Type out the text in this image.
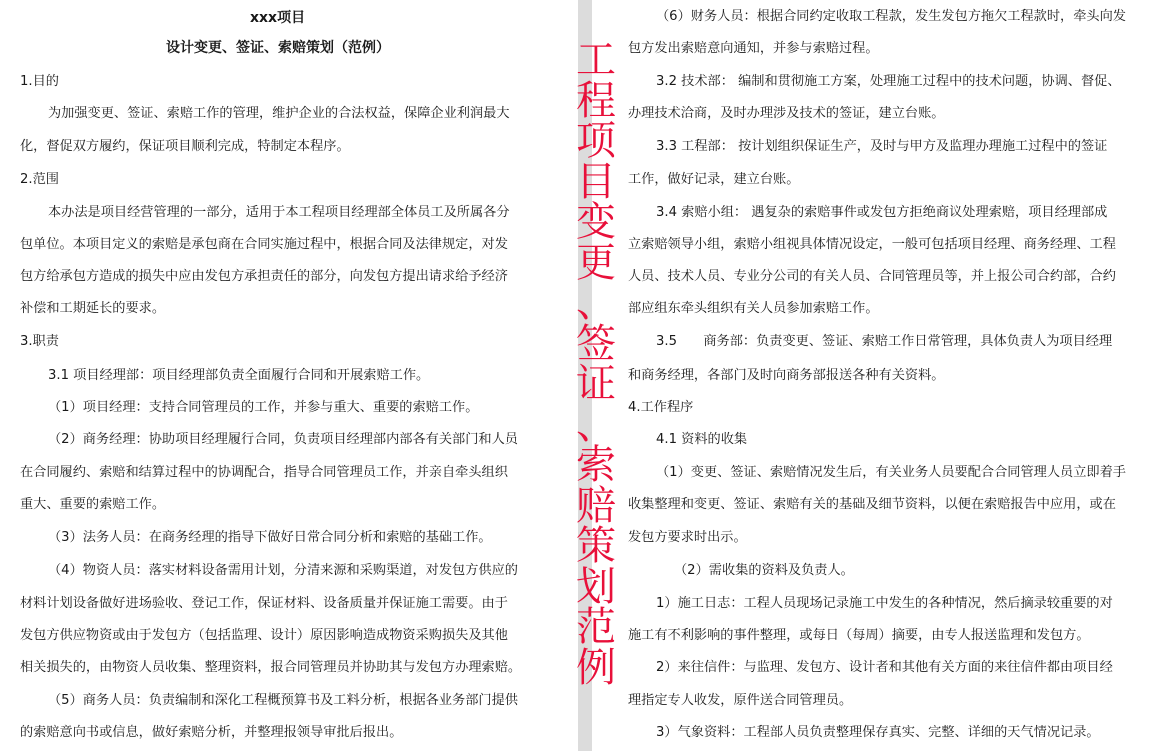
xxx项目
设计变更、签证、索赔策划（范例）
1.目的
为加强变更、签证、索赔工作的管理，维护企业的合法权益，保障企业利润最大
化，督促双方履约，保证项目顺利完成，特制定本程序。
2.范围
本办法是项目经营管理的一部分，适用于本工程项目经理部全体员工及所属各分
包单位。本项目定义的索赔是承包商在合同实施过程中，根据合同及法律规定，对发
包方给承包方造成的损失中应由发包方承担责任的部分，向发包方提出请求给予经济
补偿和工期延长的要求。
3.职责
3.1 项目经理部：项目经理部负责全面履行合同和开展索赔工作。
（1）项目经理：支持合同管理员的工作，并参与重大、重要的索赔工作。
（2）商务经理：协助项目经理履行合同，负责项目经理部内部各有关部门和人员
在合同履约、索赔和结算过程中的协调配合，指导合同管理员工作，并亲自牵头组织
重大、重要的索赔工作。
（3）法务人员：在商务经理的指导下做好日常合同分析和索赔的基础工作。
（4）物资人员：落实材料设备需用计划，分清来源和采购渠道，对发包方供应的
材料计划设备做好进场验收、登记工作，保证材料、设备质量并保证施工需要。由于
发包方供应物资或由于发包方（包括监理、设计）原因影响造成物资采购损失及其他
相关损失的，由物资人员收集、整理资料，报合同管理员并协助其与发包方办理索赔。
（5）商务人员：负责编制和深化工程概预算书及工料分析，根据各业务部门提供
的索赔意向书或信息，做好索赔分析，并整理报领导审批后报出。
工
程
项
目
变
更
、
签
证
、
索
赔
策
划
范
例
（6）财务人员：根据合同约定收取工程款，发生发包方拖欠工程款时，牵头向发
包方发出索赔意向通知，并参与索赔过程。
3.2 技术部： 编制和贯彻施工方案，处理施工过程中的技术问题，协调、督促、
办理技术洽商，及时办理涉及技术的签证，建立台账。
3.3 工程部： 按计划组织保证生产，及时与甲方及监理办理施工过程中的签证
工作，做好记录，建立台账。
3.4 索赔小组： 遇复杂的索赔事件或发包方拒绝商议处理索赔，项目经理部成
立索赔领导小组，索赔小组视具体情况设定，一般可包括项目经理、商务经理、工程
人员、技术人员、专业分公司的有关人员、合同管理员等，并上报公司合约部，合约
部应组东牵头组织有关人员参加索赔工作。
3.5　　商务部：负责变更、签证、索赔工作日常管理，具体负责人为项目经理
和商务经理，各部门及时向商务部报送各种有关资料。
4.工作程序
4.1 资料的收集
（1）变更、签证、索赔情况发生后，有关业务人员要配合合同管理人员立即着手
收集整理和变更、签证、索赔有关的基础及细节资料，以便在索赔报告中应用，或在
发包方要求时出示。
（2）需收集的资料及负责人。
1）施工日志：工程人员现场记录施工中发生的各种情况，然后摘录较重要的对
施工有不利影响的事件整理，或每日（每周）摘要，由专人报送监理和发包方。
2）来往信件：与监理、发包方、设计者和其他有关方面的来往信件都由项目经
理指定专人收发，原件送合同管理员。
3）气象资料：工程部人员负责整理保存真实、完整、详细的天气情况记录。
